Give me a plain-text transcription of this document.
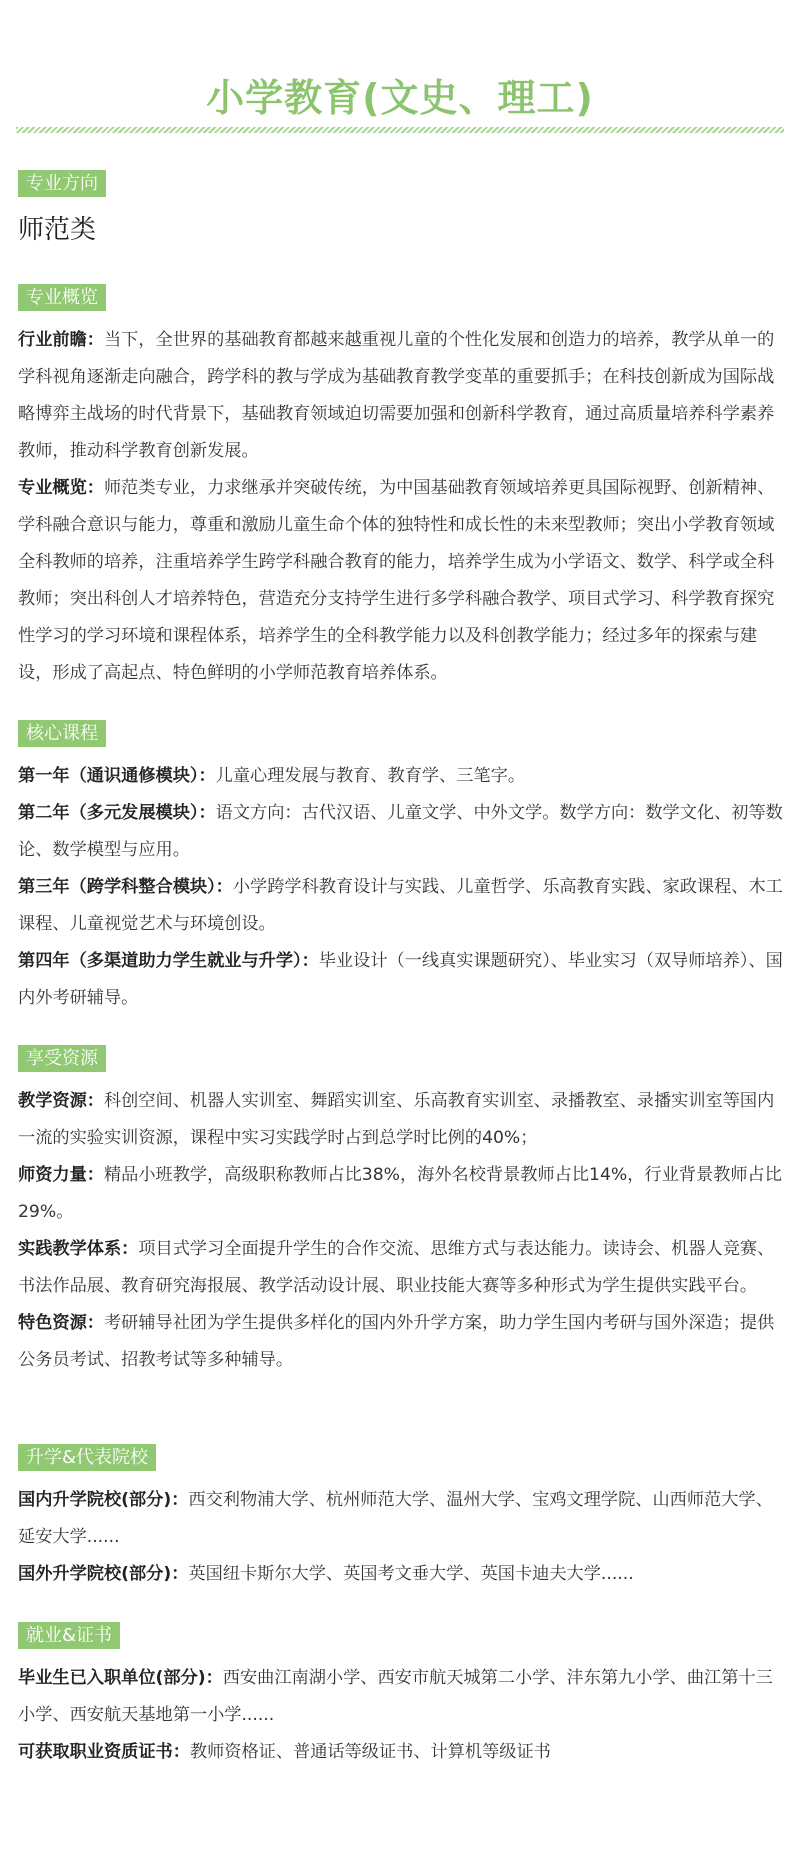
小学教育(文史、理工)
专业方向
师范类
专业概览

行业前瞻：当下，全世界的基础教育都越来越重视儿童的个性化发展和创造力的培养，教学从单一的学科视角逐渐走向融合，跨学科的教与学成为基础教育教学变革的重要抓手；在科技创新成为国际战略博弈主战场的时代背景下，基础教育领域迫切需要加强和创新科学教育，通过高质量培养科学素养教师，推动科学教育创新发展。

专业概览：师范类专业，力求继承并突破传统，为中国基础教育领域培养更具国际视野、创新精神、学科融合意识与能力，尊重和激励儿童生命个体的独特性和成长性的未来型教师；突出小学教育领域全科教师的培养，注重培养学生跨学科融合教育的能力，培养学生成为小学语文、数学、科学或全科教师；突出科创人才培养特色，营造充分支持学生进行多学科融合教学、项目式学习、科学教育探究性学习的学习环境和课程体系，培养学生的全科教学能力以及科创教学能力；经过多年的探索与建设，形成了高起点、特色鲜明的小学师范教育培养体系。

核心课程

第一年（通识通修模块）：儿童心理发展与教育、教育学、三笔字。

第二年（多元发展模块）：语文方向：古代汉语、儿童文学、中外文学。数学方向：数学文化、初等数论、数学模型与应用。

第三年（跨学科整合模块）：小学跨学科教育设计与实践、儿童哲学、乐高教育实践、家政课程、木工课程、儿童视觉艺术与环境创设。

第四年（多渠道助力学生就业与升学）：毕业设计（一线真实课题研究）、毕业实习（双导师培养）、国内外考研辅导。

享受资源

教学资源：科创空间、机器人实训室、舞蹈实训室、乐高教育实训室、录播教室、录播实训室等国内一流的实验实训资源，课程中实习实践学时占到总学时比例的40%；

师资力量：精品小班教学，高级职称教师占比38%，海外名校背景教师占比14%，行业背景教师占比29%。

实践教学体系：项目式学习全面提升学生的合作交流、思维方式与表达能力。读诗会、机器人竞赛、书法作品展、教育研究海报展、教学活动设计展、职业技能大赛等多种形式为学生提供实践平台。

特色资源：考研辅导社团为学生提供多样化的国内外升学方案，助力学生国内考研与国外深造；提供公务员考试、招教考试等多种辅导。

升学&代表院校

国内升学院校(部分)：西交利物浦大学、杭州师范大学、温州大学、宝鸡文理学院、山西师范大学、延安大学......

国外升学院校(部分)：英国纽卡斯尔大学、英国考文垂大学、英国卡迪夫大学......

就业&证书

毕业生已入职单位(部分)：西安曲江南湖小学、西安市航天城第二小学、沣东第九小学、曲江第十三小学、西安航天基地第一小学......

可获取职业资质证书：教师资格证、普通话等级证书、计算机等级证书
